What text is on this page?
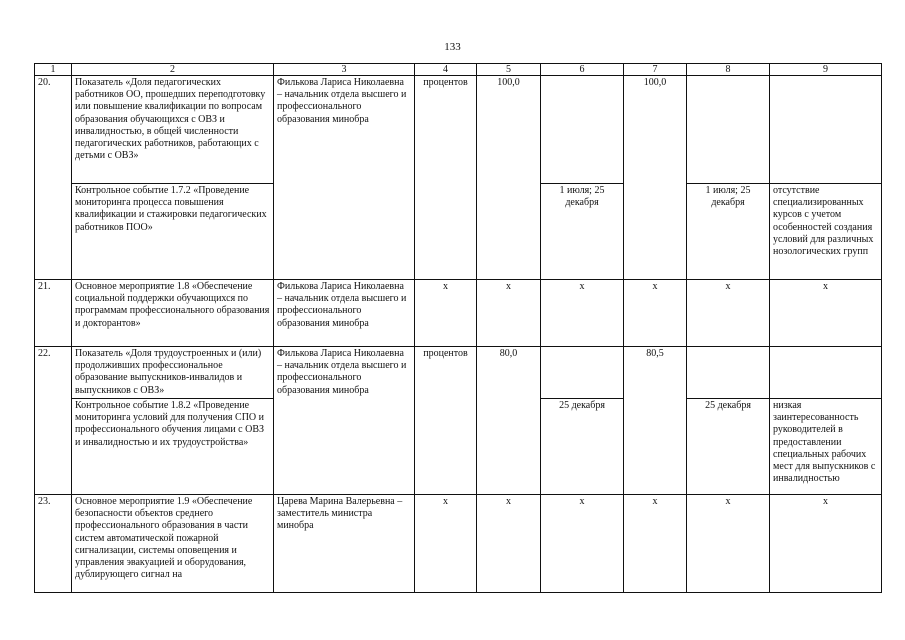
133
1	2	3	4	5	6	7	8	9
20.	Показатель «Доля педагогических работников ОО, прошедших переподготовку или повышение квалификации по вопросам образования обучающихся с ОВЗ и инвалидностью, в общей численности педагогических работников, работающих с детьми с ОВЗ»	Филькова Лариса Николаевна – начальник отдела высшего и профессионального образования минобра	процентов	100,0		100,0		
	Контрольное событие 1.7.2 «Проведение мониторинга процесса повышения квалификации и стажировки педагогических работников ПОО»				1 июля; 25 декабря		1 июля; 25 декабря	отсутствие специализированных курсов с учетом особенностей создания условий для различных нозологических групп
21.	Основное мероприятие 1.8 «Обеспечение социальной поддержки обучающихся по программам профессионального образования и докторантов»	Филькова Лариса Николаевна – начальник отдела высшего и профессионального образования минобра	х	х	х	х	х	х
22.	Показатель «Доля трудоустроенных и (или) продолживших профессиональное образование выпускников-инвалидов и выпускников с ОВЗ»	Филькова Лариса Николаевна – начальник отдела высшего и профессионального образования минобра	процентов	80,0		80,5		
	Контрольное событие 1.8.2 «Проведение мониторинга условий для получения СПО и профессионального обучения лицами с ОВЗ и инвалидностью и их трудоустройства»				25 декабря		25 декабря	низкая заинтересованность руководителей в предоставлении специальных рабочих мест для выпускников с инвалидностью
23.	Основное мероприятие 1.9 «Обеспечение безопасности объектов среднего профессионального образования в части систем автоматической пожарной сигнализации, системы оповещения и управления эвакуацией и оборудования, дублирующего сигнал на	Царева Марина Валерьевна – заместитель министра минобра	х	х	х	х	х	х
